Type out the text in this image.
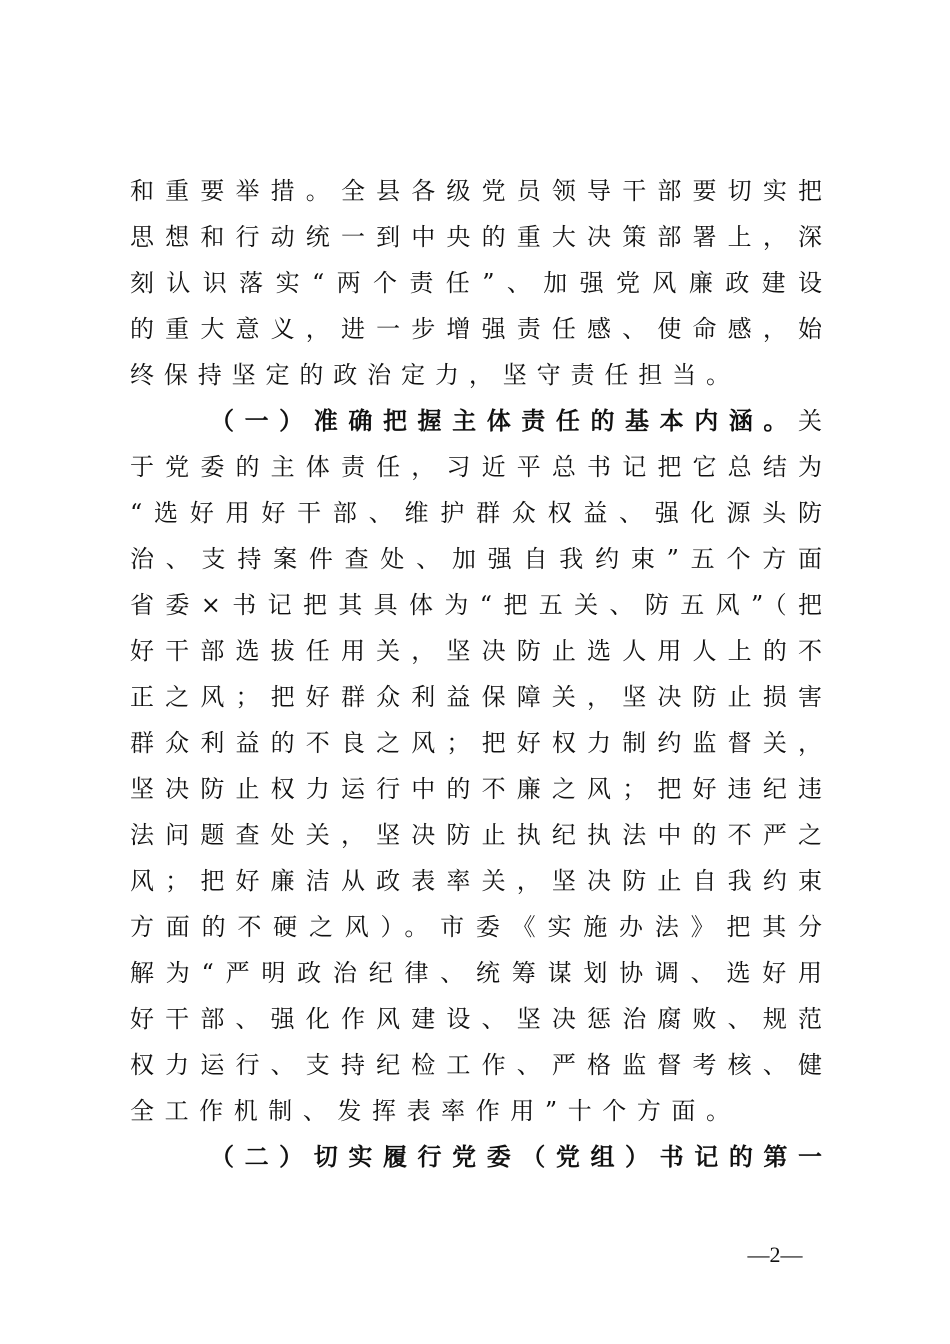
和重要举措。全县各级党员领导干部要切实把
思想和行动统一到中央的重大决策部署上，深
刻认识落实“两个责任”、加强党风廉政建设
的重大意义，进一步增强责任感、使命感，始
终保持坚定的政治定力，坚守责任担当。
（一）准确把握主体责任的基本内涵。关
于党委的主体责任，习近平总书记把它总结为
“选好用好干部、维护群众权益、强化源头防
治、支持案件查处、加强自我约束”五个方面
省委×书记把其具体为“把五关、防五风”（把
好干部选拔任用关，坚决防止选人用人上的不
正之风；把好群众利益保障关，坚决防止损害
群众利益的不良之风；把好权力制约监督关，
坚决防止权力运行中的不廉之风；把好违纪违
法问题查处关，坚决防止执纪执法中的不严之
风；把好廉洁从政表率关，坚决防止自我约束
方面的不硬之风）。市委《实施办法》把其分
解为“严明政治纪律、统筹谋划协调、选好用
好干部、强化作风建设、坚决惩治腐败、规范
权力运行、支持纪检工作、严格监督考核、健
全工作机制、发挥表率作用”十个方面。
（二）切实履行党委（党组）书记的第一
—2—
